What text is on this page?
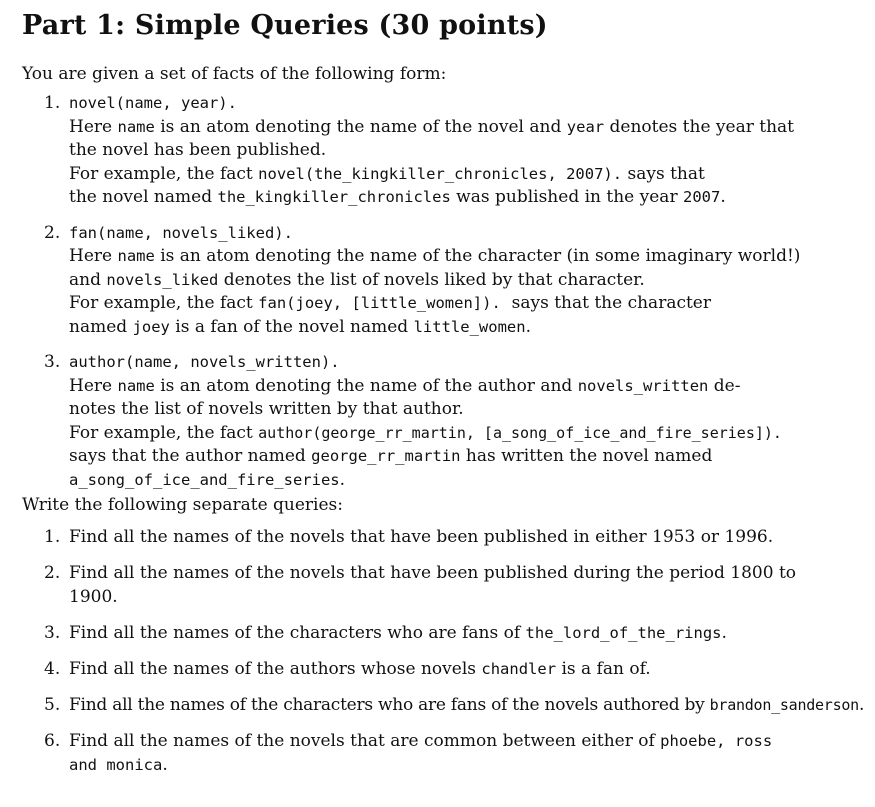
Part 1: Simple Queries (30 points)
You are given a set of facts of the following form:
1. novel(name, year).
Here name is an atom denoting the name of the novel and year denotes the year that
the novel has been published.
For example, the fact novel(the_kingkiller_chronicles, 2007). says that
the novel named the_kingkiller_chronicles was published in the year 2007.
2. fan(name, novels_liked).
Here name is an atom denoting the name of the character (in some imaginary world!)
and novels_liked denotes the list of novels liked by that character.
For example, the fact fan(joey, [little_women]).  says that the character
named joey is a fan of the novel named little_women.
3. author(name, novels_written).
Here name is an atom denoting the name of the author and novels_written de-
notes the list of novels written by that author.
For example, the fact author(george_rr_martin, [a_song_of_ice_and_fire_series]).
says that the author named george_rr_martin has written the novel named
a_song_of_ice_and_fire_series.
Write the following separate queries:
1. Find all the names of the novels that have been published in either 1953 or 1996.
2. Find all the names of the novels that have been published during the period 1800 to
1900.
3. Find all the names of the characters who are fans of the_lord_of_the_rings.
4. Find all the names of the authors whose novels chandler is a fan of.
5. Find all the names of the characters who are fans of the novels authored by brandon_sanderson.
6. Find all the names of the novels that are common between either of phoebe, ross
and monica.
